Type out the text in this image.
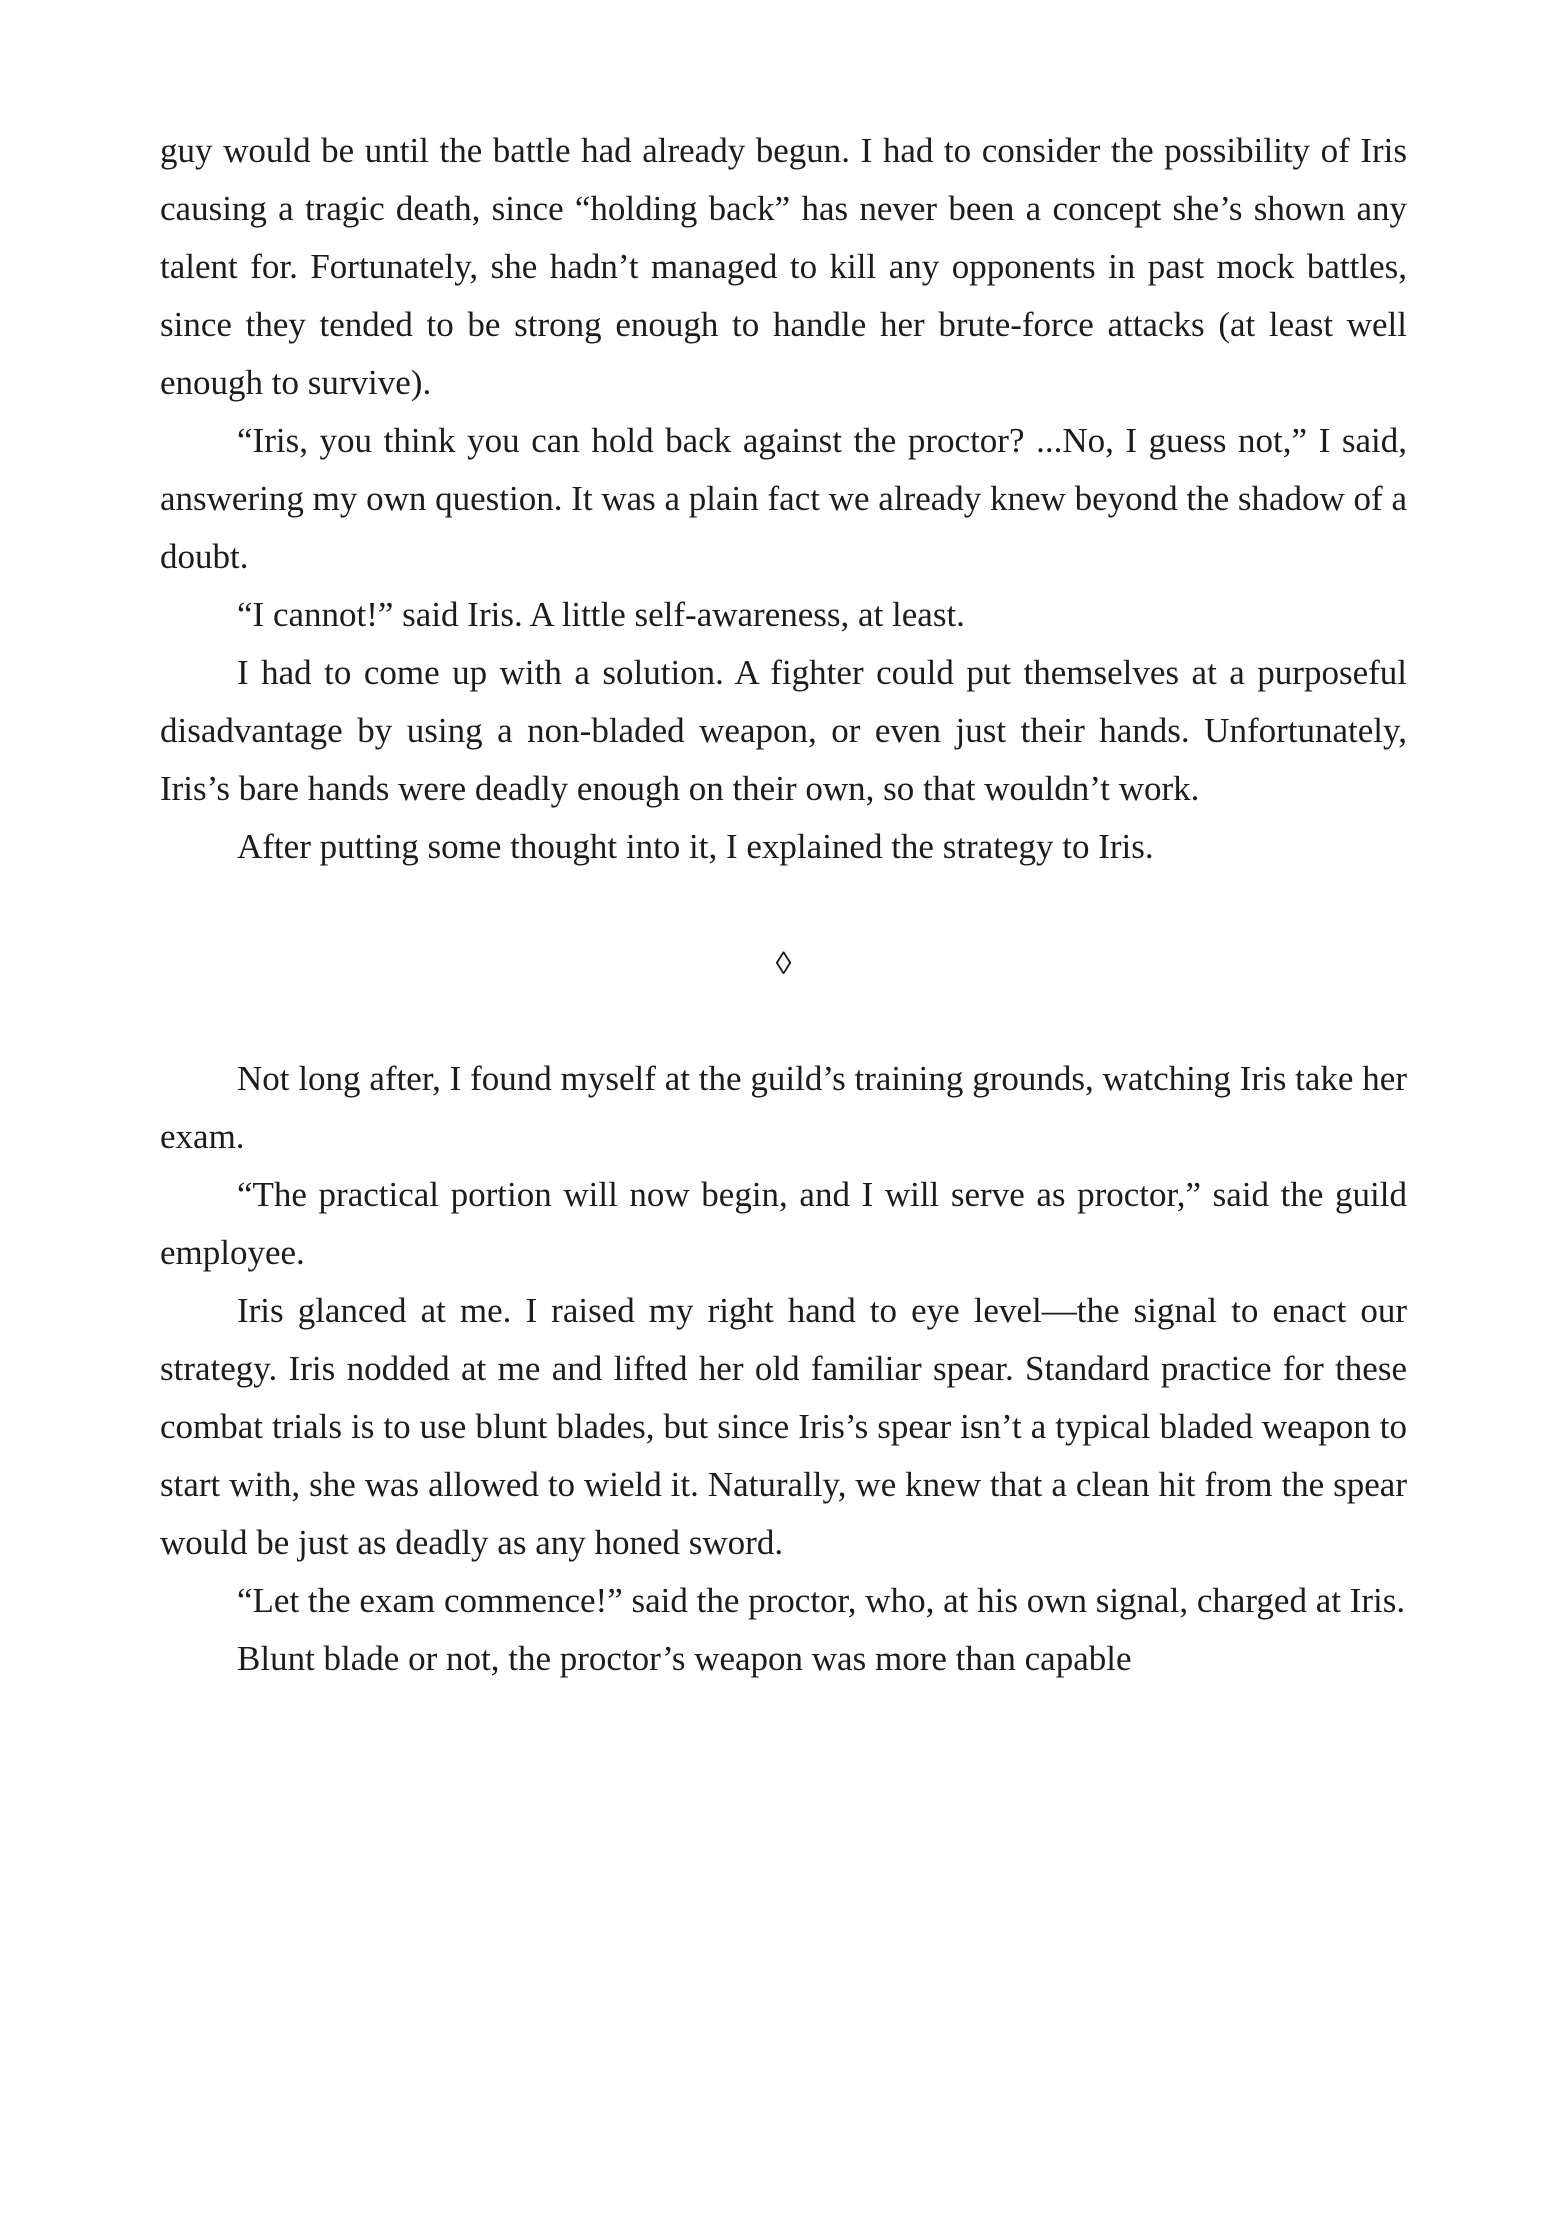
guy would be until the battle had already begun. I had to consider the possibility of Iris causing a tragic death, since “holding back” has never been a concept she’s shown any talent for. Fortunately, she hadn’t managed to kill any opponents in past mock battles, since they tended to be strong enough to handle her brute-force attacks (at least well enough to survive).

“Iris, you think you can hold back against the proctor? ...No, I guess not,” I said, answering my own question. It was a plain fact we already knew beyond the shadow of a doubt.

“I cannot!” said Iris. A little self-awareness, at least.

I had to come up with a solution. A fighter could put themselves at a purposeful disadvantage by using a non-bladed weapon, or even just their hands. Unfortunately, Iris’s bare hands were deadly enough on their own, so that wouldn’t work.

After putting some thought into it, I explained the strategy to Iris.

◊

Not long after, I found myself at the guild’s training grounds, watching Iris take her exam.

“The practical portion will now begin, and I will serve as proctor,” said the guild employee.

Iris glanced at me. I raised my right hand to eye level—the signal to enact our strategy. Iris nodded at me and lifted her old familiar spear. Standard practice for these combat trials is to use blunt blades, but since Iris’s spear isn’t a typical bladed weapon to start with, she was allowed to wield it. Naturally, we knew that a clean hit from the spear would be just as deadly as any honed sword.

“Let the exam commence!” said the proctor, who, at his own signal, charged at Iris.

Blunt blade or not, the proctor’s weapon was more than capable
